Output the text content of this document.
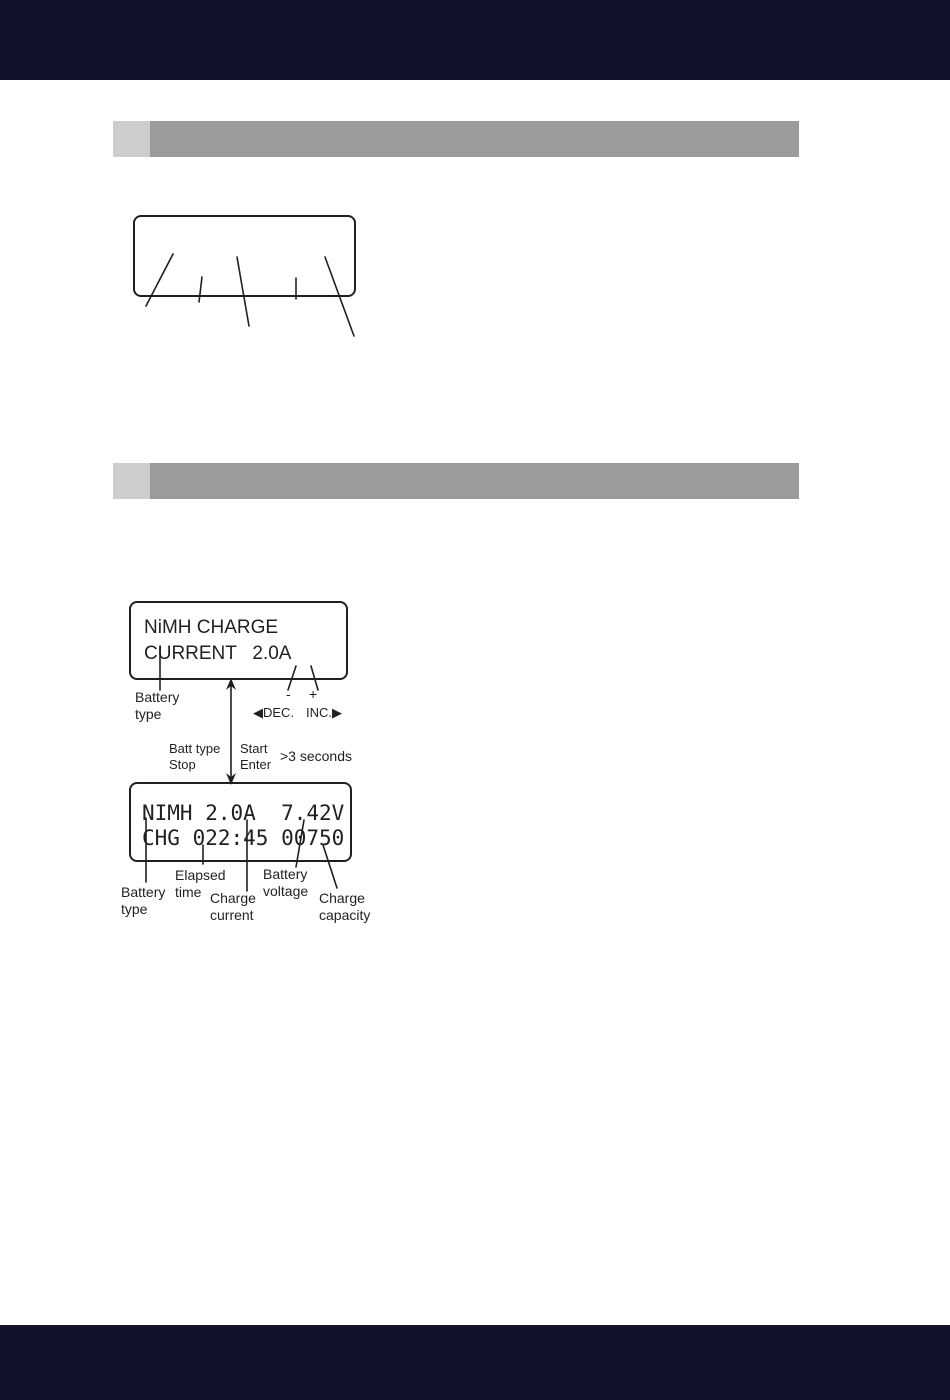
NiMH CHARGE
CURRENT   2.0A
NIMH 2.0A  7.42V
CHG 022:45 00750
Battery
type
- +
◀DEC. INC.▶
Batt type
Stop
Start
Enter
>3 seconds
Battery
type
Elapsed
time Charge
current
Battery
voltage Charge
capacity
